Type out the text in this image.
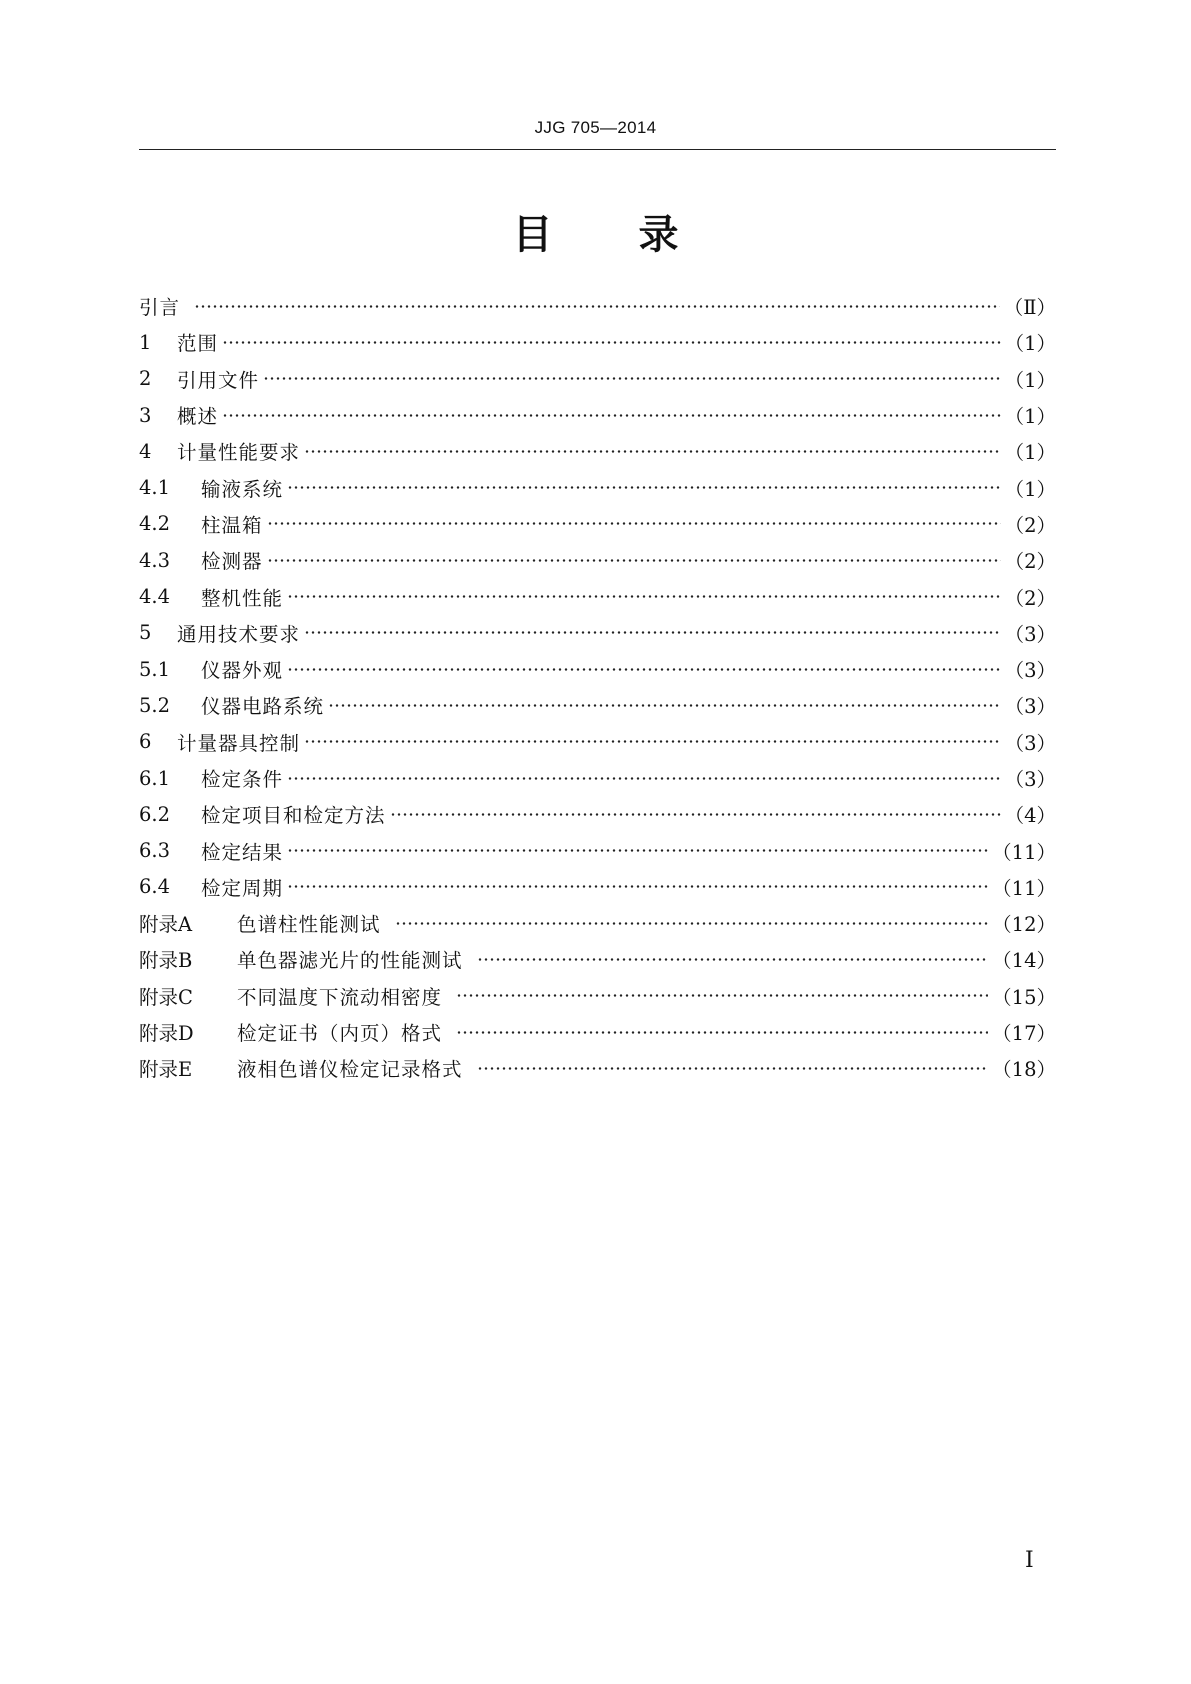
JJG 705—2014
目录
引言	（Ⅱ）
1	范围	（1）
2	引用文件	（1）
3	概述	（1）
4	计量性能要求	（1）
4.1	输液系统	（1）
4.2	柱温箱	（2）
4.3	检测器	（2）
4.4	整机性能	（2）
5	通用技术要求	（3）
5.1	仪器外观	（3）
5.2	仪器电路系统	（3）
6	计量器具控制	（3）
6.1	检定条件	（3）
6.2	检定项目和检定方法	（4）
6.3	检定结果	（11）
6.4	检定周期	（11）
附录A	色谱柱性能测试	（12）
附录B	单色器滤光片的性能测试	（14）
附录C	不同温度下流动相密度	（15）
附录D	检定证书（内页）格式	（17）
附录E	液相色谱仪检定记录格式	（18）
Ⅰ
